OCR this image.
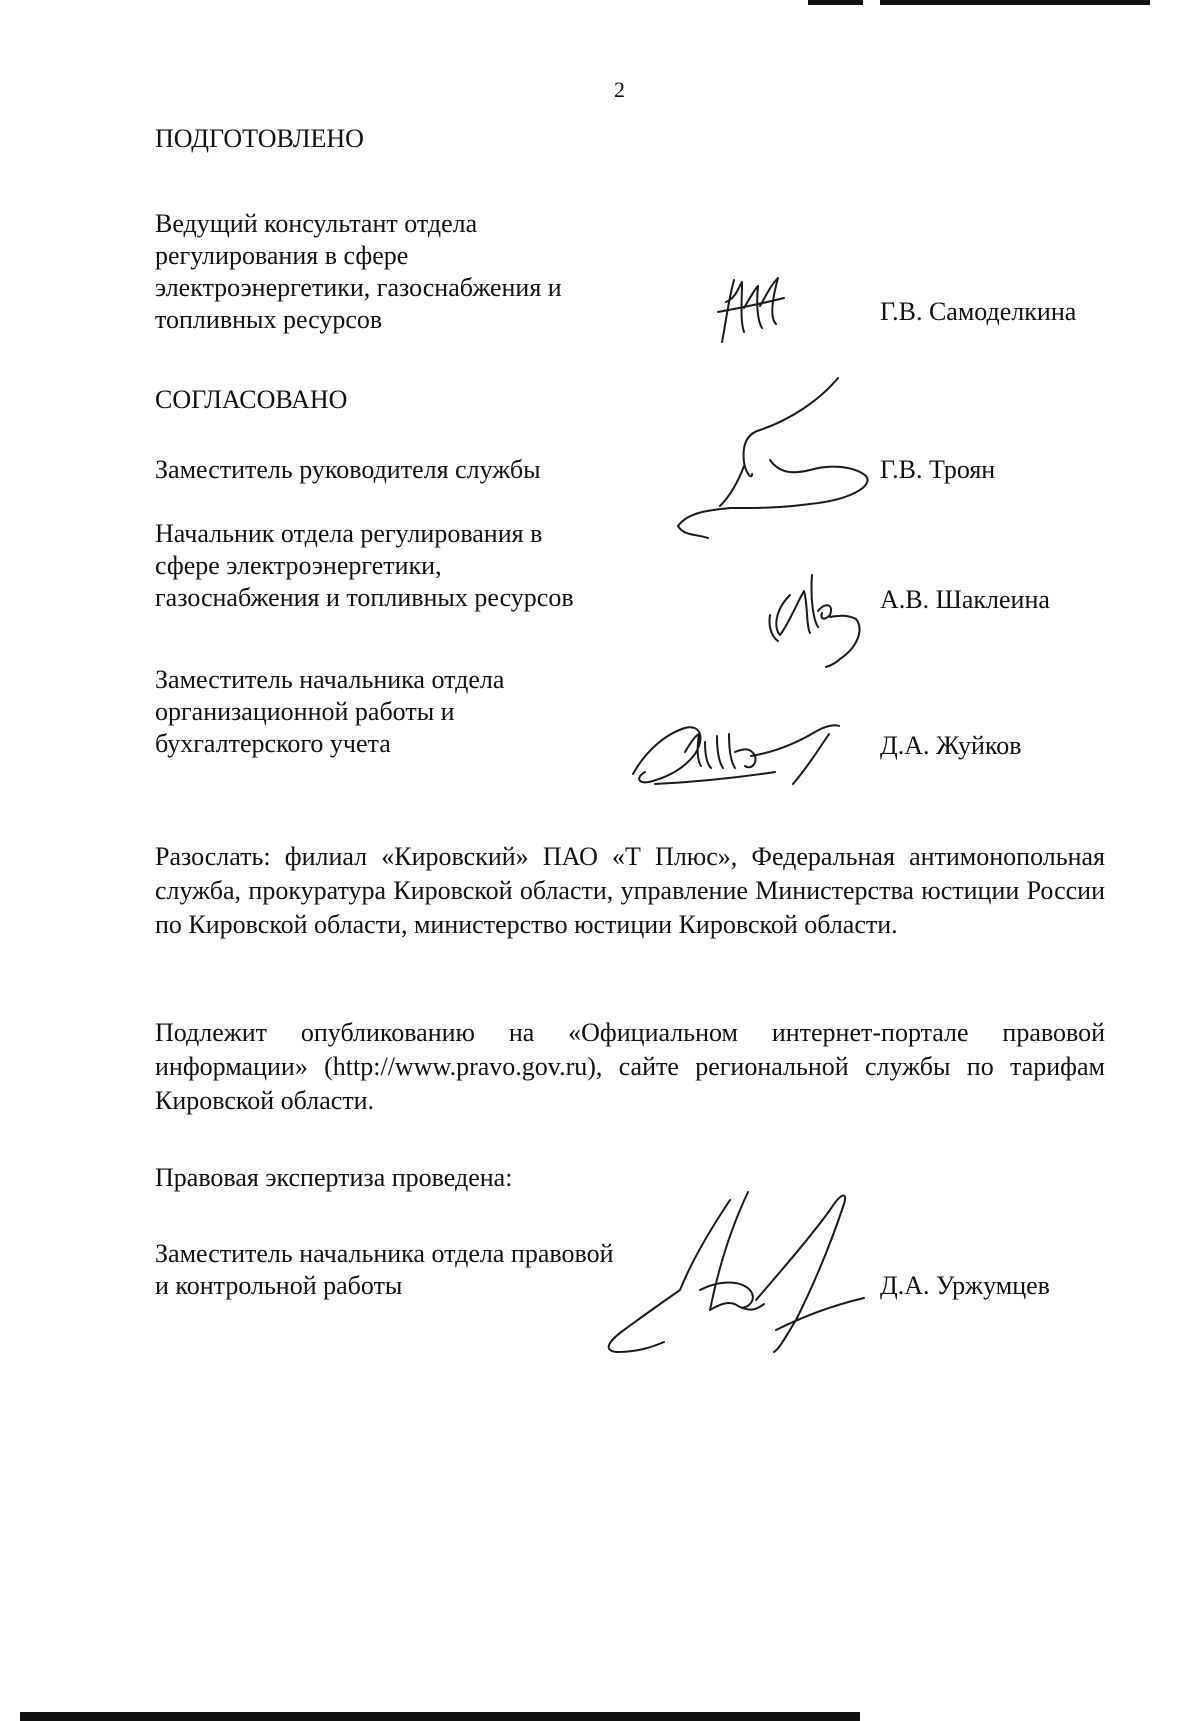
2
ПОДГОТОВЛЕНО
Ведущий консультант отдела
регулирования в сфере
электроэнергетики, газоснабжения и
топливных ресурсов	Г.В. Самоделкина
СОГЛАСОВАНО
Заместитель руководителя службы	Г.В. Троян
Начальник отдела регулирования в
сфере электроэнергетики,
газоснабжения и топливных ресурсов	А.В. Шаклеина
Заместитель начальника отдела
организационной работы и
бухгалтерского учета	Д.А. Жуйков

Разослать: филиал «Кировский» ПАО «Т Плюс», Федеральная антимонопольная служба, прокуратура Кировской области, управление Министерства юстиции России по Кировской области, министерство юстиции Кировской области.

Подлежит опубликованию на «Официальном интернет-портале правовой информации» (http://www.pravo.gov.ru), сайте региональной службы по тарифам Кировской области.

Правовая экспертиза проведена:
Заместитель начальника отдела правовой
и контрольной работы	Д.А. Уржумцев
